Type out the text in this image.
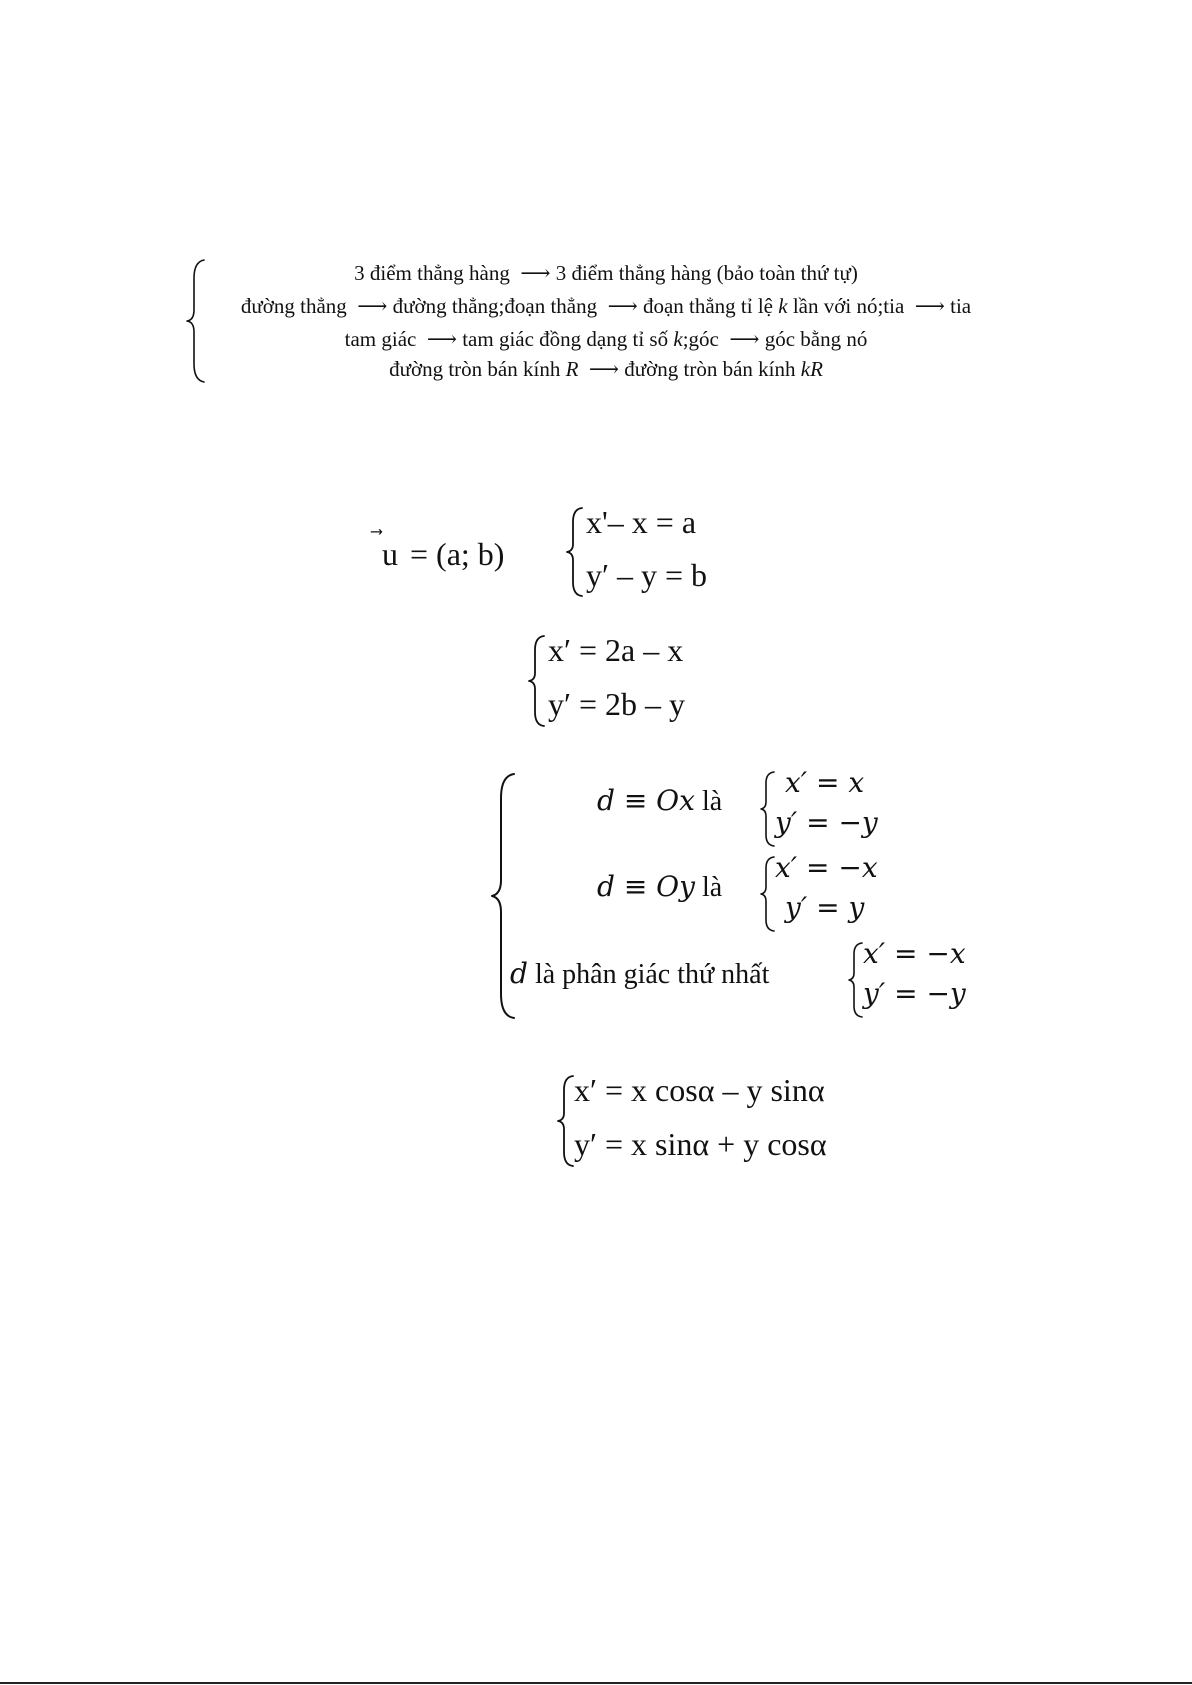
3 điểm thẳng hàng ⟶ 3 điểm thẳng hàng (bảo toàn thứ tự)
đường thẳng ⟶ đường thẳng;đoạn thẳng ⟶ đoạn thẳng tỉ lệ k lần với nó;tia ⟶ tia
tam giác ⟶ tam giác đồng dạng tỉ số k;góc ⟶ góc bằng nó
đường tròn bán kính R ⟶ đường tròn bán kính kR
u = (a; b)
x'– x = a
y′ – y = b
x′ = 2a – x
y′ = 2b – y
d ≡ Ox là
x′ = x
y′ = −y
d ≡ Oy là
x′ = −x
y′ = y
d là phân giác thứ nhất
x′ = −x
y′ = −y
x′ = x cosα – y sinα
y′ = x sinα + y cosα
